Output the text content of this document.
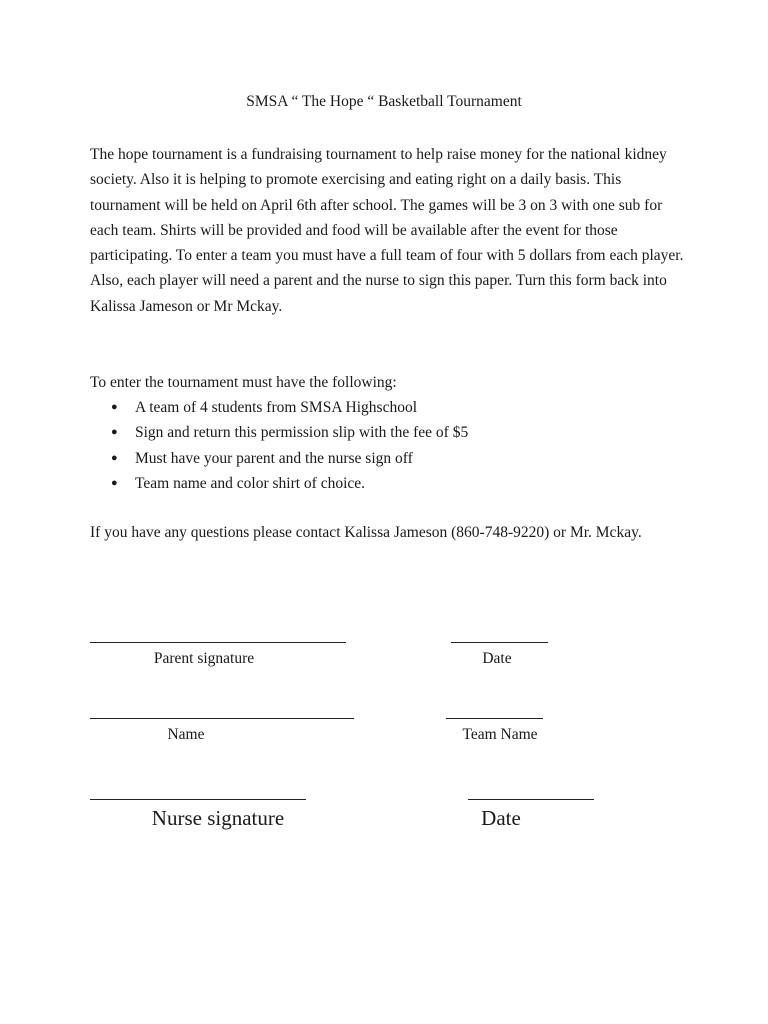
SMSA “ The Hope “ Basketball Tournament

The hope tournament is a fundraising tournament to help raise money for the national kidney society. Also it is helping to promote exercising and eating right on a daily basis. This tournament will be held on April 6th after school. The games will be 3 on 3 with one sub for each team. Shirts will be provided and food will be available after the event for those participating. To enter a team you must have a full team of four with 5 dollars from each player. Also, each player will need a parent and the nurse to sign this paper. Turn this form back into Kalissa Jameson or Mr Mckay.

To enter the tournament must have the following:

● A team of 4 students from SMSA Highschool
● Sign and return this permission slip with the fee of $5
● Must have your parent and the nurse sign off
● Team name and color shirt of choice.

If you have any questions please contact Kalissa Jameson (860-748-9220) or Mr. Mckay.

Parent signature	Date
Name	Team Name
Nurse signature	Date
